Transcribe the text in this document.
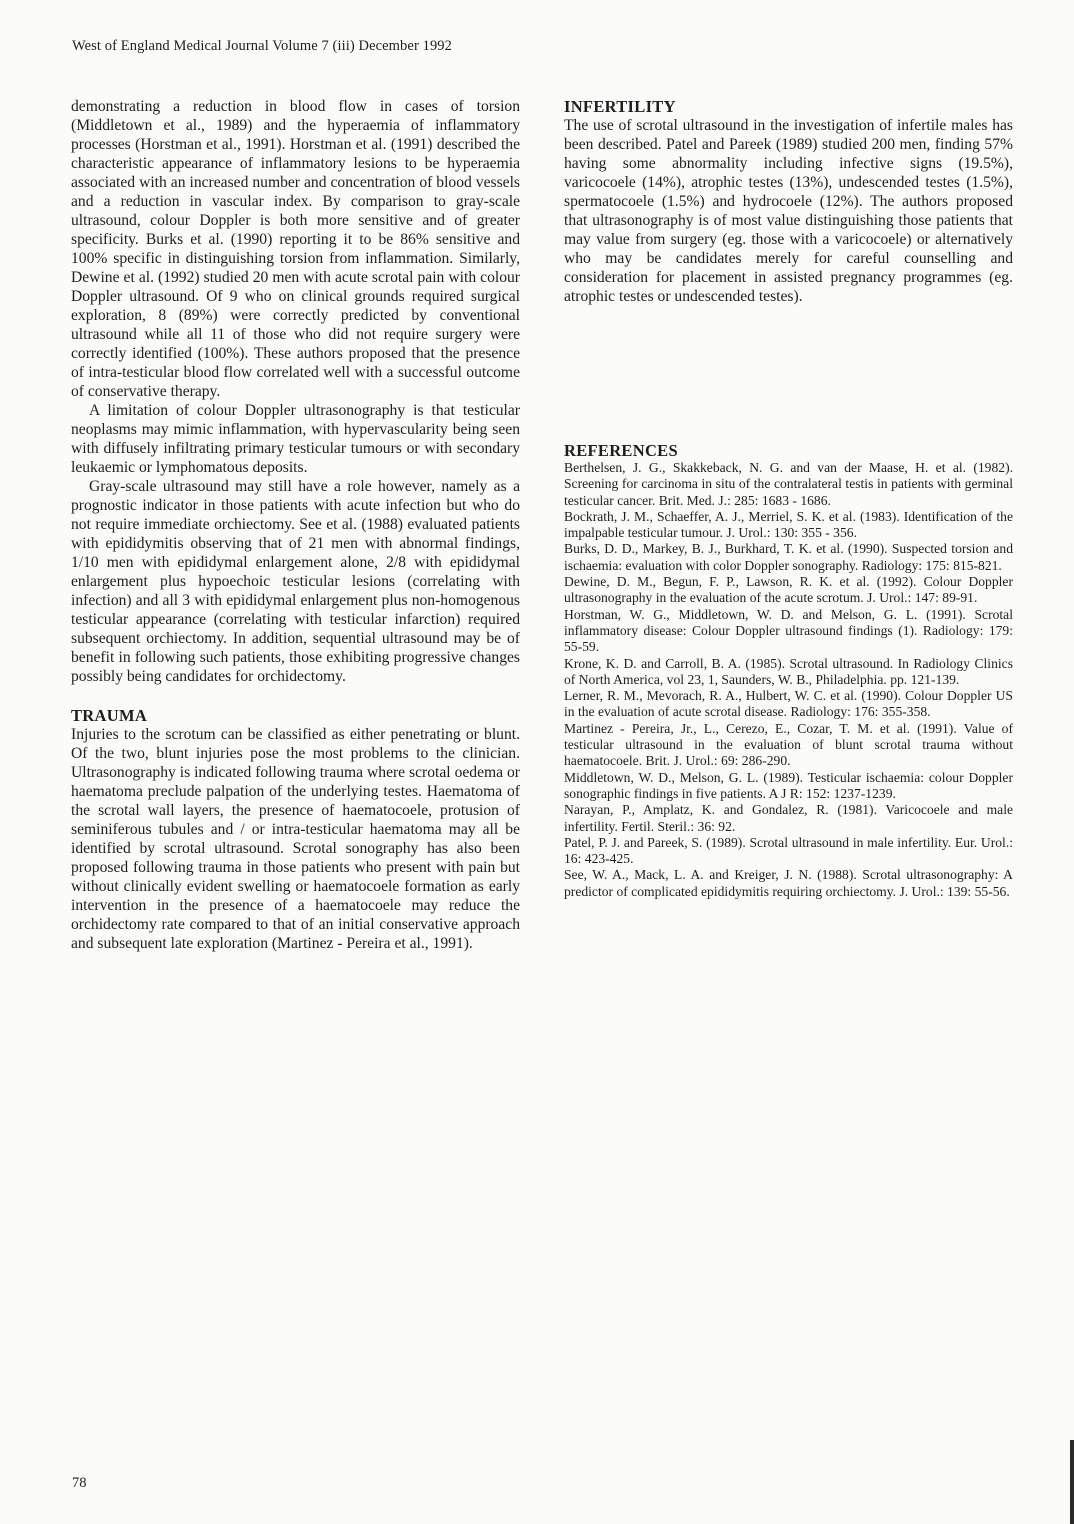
West of England Medical Journal Volume 7 (iii) December 1992

demonstrating a reduction in blood flow in cases of torsion (Middletown et al., 1989) and the hyperaemia of inflammatory processes (Horstman et al., 1991). Horstman et al. (1991) described the characteristic appearance of inflammatory lesions to be hyperaemia associated with an increased number and concentration of blood vessels and a reduction in vascular index. By comparison to gray-scale ultrasound, colour Doppler is both more sensitive and of greater specificity. Burks et al. (1990) reporting it to be 86% sensitive and 100% specific in distinguishing torsion from inflammation. Similarly, Dewine et al. (1992) studied 20 men with acute scrotal pain with colour Doppler ultrasound. Of 9 who on clinical grounds required surgical exploration, 8 (89%) were correctly predicted by conventional ultrasound while all 11 of those who did not require surgery were correctly identified (100%). These authors proposed that the presence of intra-testicular blood flow correlated well with a successful outcome of conservative therapy.

A limitation of colour Doppler ultrasonography is that testicular neoplasms may mimic inflammation, with hypervascularity being seen with diffusely infiltrating primary testicular tumours or with secondary leukaemic or lymphomatous deposits.

Gray-scale ultrasound may still have a role however, namely as a prognostic indicator in those patients with acute infection but who do not require immediate orchiectomy. See et al. (1988) evaluated patients with epididymitis observing that of 21 men with abnormal findings, 1/10 men with epididymal enlargement alone, 2/8 with epididymal enlargement plus hypoechoic testicular lesions (correlating with infection) and all 3 with epididymal enlargement plus non-homogenous testicular appearance (correlating with testicular infarction) required subsequent orchiectomy. In addition, sequential ultrasound may be of benefit in following such patients, those exhibiting progressive changes possibly being candidates for orchidectomy.

TRAUMA

Injuries to the scrotum can be classified as either penetrating or blunt. Of the two, blunt injuries pose the most problems to the clinician. Ultrasonography is indicated following trauma where scrotal oedema or haematoma preclude palpation of the underlying testes. Haematoma of the scrotal wall layers, the presence of haematocoele, protusion of seminiferous tubules and / or intra-testicular haematoma may all be identified by scrotal ultrasound. Scrotal sonography has also been proposed following trauma in those patients who present with pain but without clinically evident swelling or haematocoele formation as early intervention in the presence of a haematocoele may reduce the orchidectomy rate compared to that of an initial conservative approach and subsequent late exploration (Martinez - Pereira et al., 1991).

INFERTILITY

The use of scrotal ultrasound in the investigation of infertile males has been described. Patel and Pareek (1989) studied 200 men, finding 57% having some abnormality including infective signs (19.5%), varicocoele (14%), atrophic testes (13%), undescended testes (1.5%), spermatocoele (1.5%) and hydrocoele (12%). The authors proposed that ultrasonography is of most value distinguishing those patients that may value from surgery (eg. those with a varicocoele) or alternatively who may be candidates merely for careful counselling and consideration for placement in assisted pregnancy programmes (eg. atrophic testes or undescended testes).

REFERENCES

Berthelsen, J. G., Skakkeback, N. G. and van der Maase, H. et al. (1982). Screening for carcinoma in situ of the contralateral testis in patients with germinal testicular cancer. Brit. Med. J.: 285: 1683 - 1686.

Bockrath, J. M., Schaeffer, A. J., Merriel, S. K. et al. (1983). Identification of the impalpable testicular tumour. J. Urol.: 130: 355 - 356.

Burks, D. D., Markey, B. J., Burkhard, T. K. et al. (1990). Suspected torsion and ischaemia: evaluation with color Doppler sonography. Radiology: 175: 815-821.

Dewine, D. M., Begun, F. P., Lawson, R. K. et al. (1992). Colour Doppler ultrasonography in the evaluation of the acute scrotum. J. Urol.: 147: 89-91.

Horstman, W. G., Middletown, W. D. and Melson, G. L. (1991). Scrotal inflammatory disease: Colour Doppler ultrasound findings (1). Radiology: 179: 55-59.

Krone, K. D. and Carroll, B. A. (1985). Scrotal ultrasound. In Radiology Clinics of North America, vol 23, 1, Saunders, W. B., Philadelphia. pp. 121-139.

Lerner, R. M., Mevorach, R. A., Hulbert, W. C. et al. (1990). Colour Doppler US in the evaluation of acute scrotal disease. Radiology: 176: 355-358.

Martinez - Pereira, Jr., L., Cerezo, E., Cozar, T. M. et al. (1991). Value of testicular ultrasound in the evaluation of blunt scrotal trauma without haematocoele. Brit. J. Urol.: 69: 286-290.

Middletown, W. D., Melson, G. L. (1989). Testicular ischaemia: colour Doppler sonographic findings in five patients. A J R: 152: 1237-1239.

Narayan, P., Amplatz, K. and Gondalez, R. (1981). Varicocoele and male infertility. Fertil. Steril.: 36: 92.

Patel, P. J. and Pareek, S. (1989). Scrotal ultrasound in male infertility. Eur. Urol.: 16: 423-425.

See, W. A., Mack, L. A. and Kreiger, J. N. (1988). Scrotal ultrasonography: A predictor of complicated epididymitis requiring orchiectomy. J. Urol.: 139: 55-56.

78
